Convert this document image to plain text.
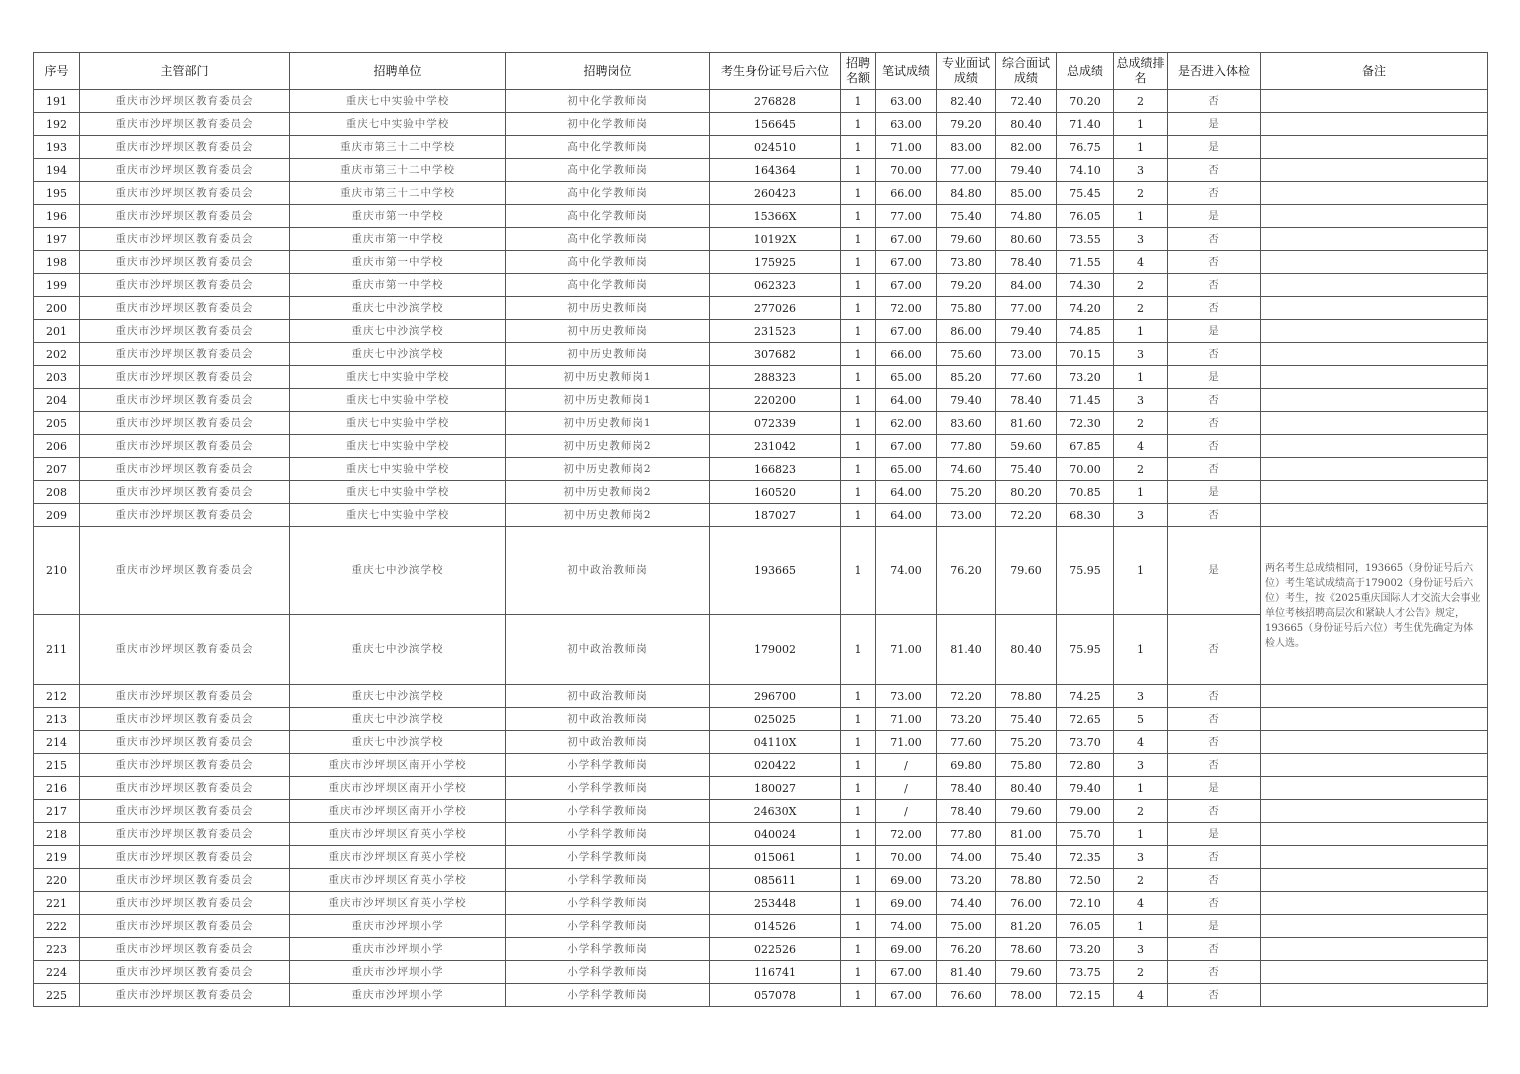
序号	主管部门	招聘单位	招聘岗位	考生身份证号后六位	招聘名额	笔试成绩	专业面试成绩	综合面试成绩	总成绩	总成绩排名	是否进入体检	备注
191	重庆市沙坪坝区教育委员会	重庆七中实验中学校	初中化学教师岗	276828	1	63.00	82.40	72.40	70.20	2	否	
192	重庆市沙坪坝区教育委员会	重庆七中实验中学校	初中化学教师岗	156645	1	63.00	79.20	80.40	71.40	1	是	
193	重庆市沙坪坝区教育委员会	重庆市第三十二中学校	高中化学教师岗	024510	1	71.00	83.00	82.00	76.75	1	是	
194	重庆市沙坪坝区教育委员会	重庆市第三十二中学校	高中化学教师岗	164364	1	70.00	77.00	79.40	74.10	3	否	
195	重庆市沙坪坝区教育委员会	重庆市第三十二中学校	高中化学教师岗	260423	1	66.00	84.80	85.00	75.45	2	否	
196	重庆市沙坪坝区教育委员会	重庆市第一中学校	高中化学教师岗	15366X	1	77.00	75.40	74.80	76.05	1	是	
197	重庆市沙坪坝区教育委员会	重庆市第一中学校	高中化学教师岗	10192X	1	67.00	79.60	80.60	73.55	3	否	
198	重庆市沙坪坝区教育委员会	重庆市第一中学校	高中化学教师岗	175925	1	67.00	73.80	78.40	71.55	4	否	
199	重庆市沙坪坝区教育委员会	重庆市第一中学校	高中化学教师岗	062323	1	67.00	79.20	84.00	74.30	2	否	
200	重庆市沙坪坝区教育委员会	重庆七中沙滨学校	初中历史教师岗	277026	1	72.00	75.80	77.00	74.20	2	否	
201	重庆市沙坪坝区教育委员会	重庆七中沙滨学校	初中历史教师岗	231523	1	67.00	86.00	79.40	74.85	1	是	
202	重庆市沙坪坝区教育委员会	重庆七中沙滨学校	初中历史教师岗	307682	1	66.00	75.60	73.00	70.15	3	否	
203	重庆市沙坪坝区教育委员会	重庆七中实验中学校	初中历史教师岗1	288323	1	65.00	85.20	77.60	73.20	1	是	
204	重庆市沙坪坝区教育委员会	重庆七中实验中学校	初中历史教师岗1	220200	1	64.00	79.40	78.40	71.45	3	否	
205	重庆市沙坪坝区教育委员会	重庆七中实验中学校	初中历史教师岗1	072339	1	62.00	83.60	81.60	72.30	2	否	
206	重庆市沙坪坝区教育委员会	重庆七中实验中学校	初中历史教师岗2	231042	1	67.00	77.80	59.60	67.85	4	否	
207	重庆市沙坪坝区教育委员会	重庆七中实验中学校	初中历史教师岗2	166823	1	65.00	74.60	75.40	70.00	2	否	
208	重庆市沙坪坝区教育委员会	重庆七中实验中学校	初中历史教师岗2	160520	1	64.00	75.20	80.20	70.85	1	是	
209	重庆市沙坪坝区教育委员会	重庆七中实验中学校	初中历史教师岗2	187027	1	64.00	73.00	72.20	68.30	3	否	
210	重庆市沙坪坝区教育委员会	重庆七中沙滨学校	初中政治教师岗	193665	1	74.00	76.20	79.60	75.95	1	是	两名考生总成绩相同，193665（身份证号后六位）考生笔试成绩高于179002（身份证号后六位）考生，按《2025重庆国际人才交流大会事业单位考核招聘高层次和紧缺人才公告》规定，193665（身份证号后六位）考生优先确定为体检人选。
211	重庆市沙坪坝区教育委员会	重庆七中沙滨学校	初中政治教师岗	179002	1	71.00	81.40	80.40	75.95	1	否	
212	重庆市沙坪坝区教育委员会	重庆七中沙滨学校	初中政治教师岗	296700	1	73.00	72.20	78.80	74.25	3	否	
213	重庆市沙坪坝区教育委员会	重庆七中沙滨学校	初中政治教师岗	025025	1	71.00	73.20	75.40	72.65	5	否	
214	重庆市沙坪坝区教育委员会	重庆七中沙滨学校	初中政治教师岗	04110X	1	71.00	77.60	75.20	73.70	4	否	
215	重庆市沙坪坝区教育委员会	重庆市沙坪坝区南开小学校	小学科学教师岗	020422	1	/	69.80	75.80	72.80	3	否	
216	重庆市沙坪坝区教育委员会	重庆市沙坪坝区南开小学校	小学科学教师岗	180027	1	/	78.40	80.40	79.40	1	是	
217	重庆市沙坪坝区教育委员会	重庆市沙坪坝区南开小学校	小学科学教师岗	24630X	1	/	78.40	79.60	79.00	2	否	
218	重庆市沙坪坝区教育委员会	重庆市沙坪坝区育英小学校	小学科学教师岗	040024	1	72.00	77.80	81.00	75.70	1	是	
219	重庆市沙坪坝区教育委员会	重庆市沙坪坝区育英小学校	小学科学教师岗	015061	1	70.00	74.00	75.40	72.35	3	否	
220	重庆市沙坪坝区教育委员会	重庆市沙坪坝区育英小学校	小学科学教师岗	085611	1	69.00	73.20	78.80	72.50	2	否	
221	重庆市沙坪坝区教育委员会	重庆市沙坪坝区育英小学校	小学科学教师岗	253448	1	69.00	74.40	76.00	72.10	4	否	
222	重庆市沙坪坝区教育委员会	重庆市沙坪坝小学	小学科学教师岗	014526	1	74.00	75.00	81.20	76.05	1	是	
223	重庆市沙坪坝区教育委员会	重庆市沙坪坝小学	小学科学教师岗	022526	1	69.00	76.20	78.60	73.20	3	否	
224	重庆市沙坪坝区教育委员会	重庆市沙坪坝小学	小学科学教师岗	116741	1	67.00	81.40	79.60	73.75	2	否	
225	重庆市沙坪坝区教育委员会	重庆市沙坪坝小学	小学科学教师岗	057078	1	67.00	76.60	78.00	72.15	4	否	
